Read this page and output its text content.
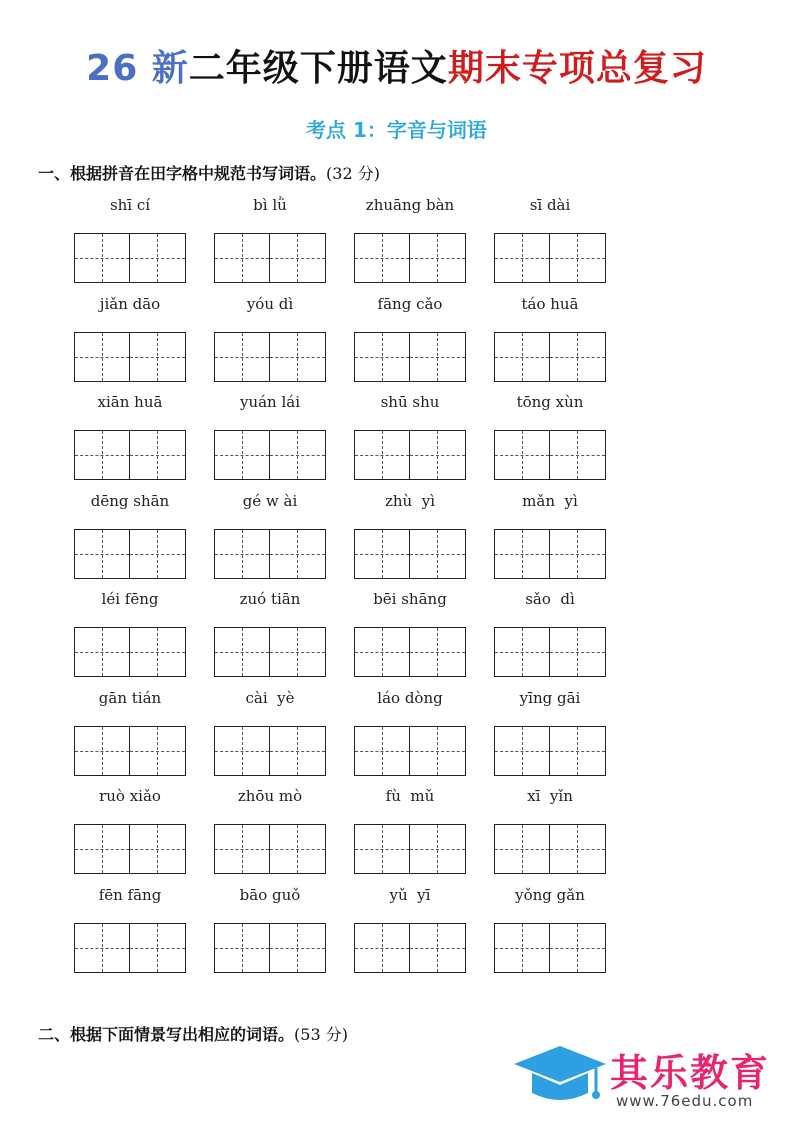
26 新二年级下册语文期末专项总复习
考点 1：字音与词语
一、根据拼音在田字格中规范书写词语。(32 分)
shī cí	bì lǜ	zhuāng bàn	sī dài
jiǎn dāo	yóu dì	fāng cǎo	táo huā
xiān huā	yuán lái	shū shu	tōng xùn
dēng shān	gé w ài	zhù  yì	mǎn  yì
léi fēng	zuó tiān	bēi shāng	sǎo  dì
gān tián	cài  yè	láo dòng	yīng gāi
ruò xiǎo	zhōu mò	fù  mǔ	xī  yǐn
fēn fāng	bāo guǒ	yǔ  yī	yǒng gǎn
二、根据下面情景写出相应的词语。(53 分)
其乐教育
www.76edu.com
